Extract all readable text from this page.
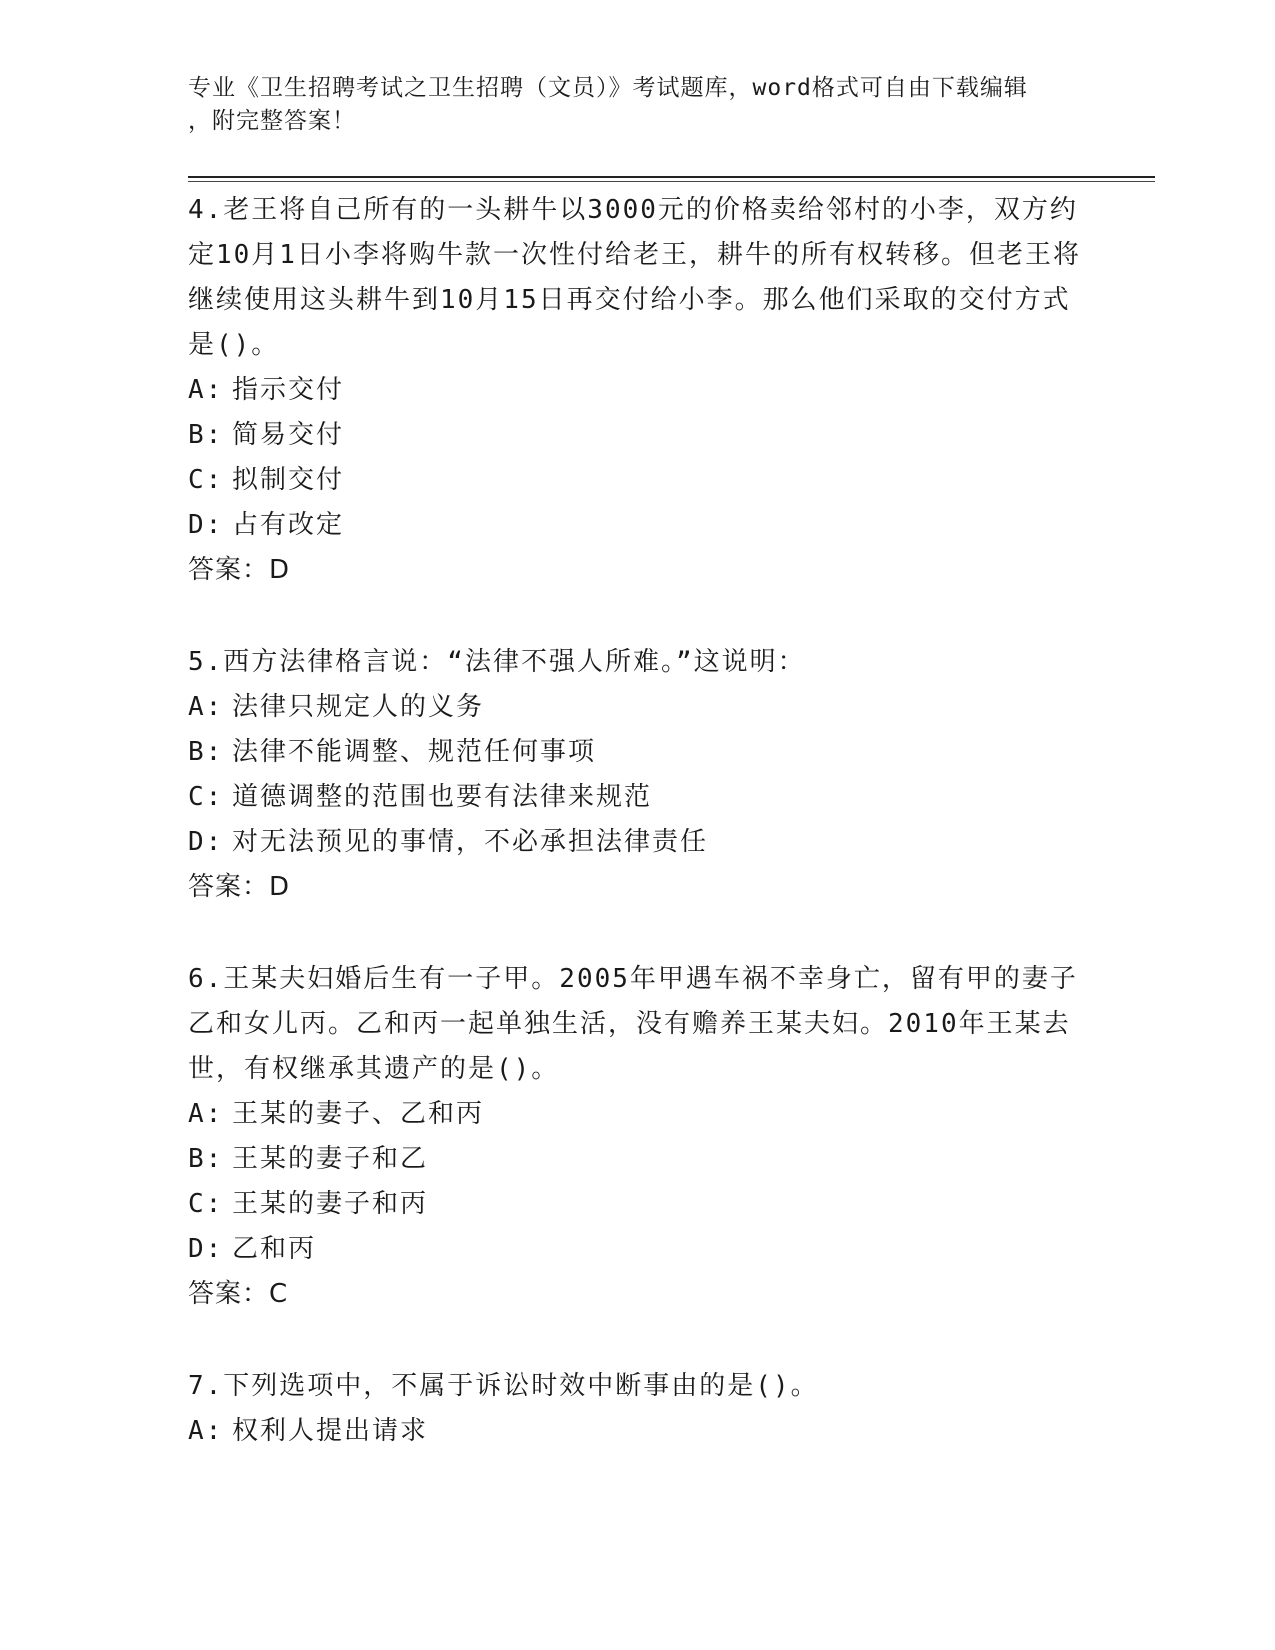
专业《卫生招聘考试之卫生招聘（文员）》考试题库，word格式可自由下载编辑
，附完整答案！

4.老王将自己所有的一头耕牛以3000元的价格卖给邻村的小李，双方约定10月1日小李将购牛款一次性付给老王，耕牛的所有权转移。但老王将继续使用这头耕牛到10月15日再交付给小李。那么他们采取的交付方式是()。

A: 指示交付
B: 简易交付
C: 拟制交付
D: 占有改定
答案：D

5.西方法律格言说：“法律不强人所难。”这说明：

A: 法律只规定人的义务
B: 法律不能调整、规范任何事项
C: 道德调整的范围也要有法律来规范
D: 对无法预见的事情，不必承担法律责任
答案：D

6.王某夫妇婚后生有一子甲。2005年甲遇车祸不幸身亡，留有甲的妻子乙和女儿丙。乙和丙一起单独生活，没有赡养王某夫妇。2010年王某去世，有权继承其遗产的是()。

A: 王某的妻子、乙和丙
B: 王某的妻子和乙
C: 王某的妻子和丙
D: 乙和丙
答案：C

7.下列选项中，不属于诉讼时效中断事由的是()。

A: 权利人提出请求
